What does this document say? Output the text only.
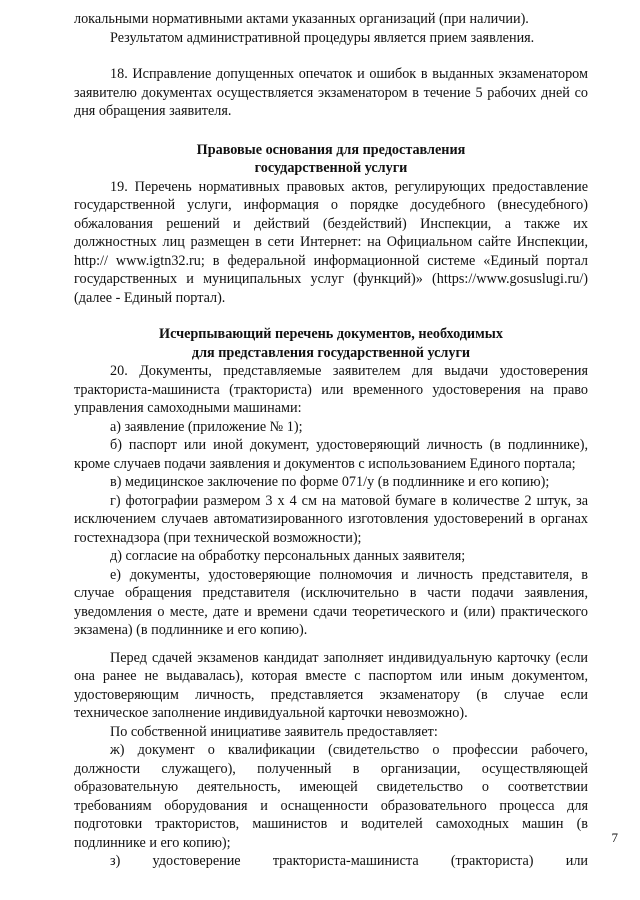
локальными нормативными актами указанных организаций (при наличии).

Результатом административной процедуры является прием заявления.

18. Исправление допущенных опечаток и ошибок в выданных экзаменатором заявителю документах осуществляется экзаменатором в течение 5 рабочих дней со дня обращения заявителя.

Правовые основания для предоставления

государственной услуги

19. Перечень нормативных правовых актов, регулирующих предоставление государственной услуги, информация о порядке досудебного (внесудебного) обжалования решений и действий (бездействий) Инспекции, а также их должностных лиц размещен в сети Интернет: на Официальном сайте Инспекции, http:// www.igtn32.ru; в федеральной информационной системе «Единый портал государственных и муниципальных услуг (функций)» (https://www.gosuslugi.ru/) (далее - Единый портал).

Исчерпывающий перечень документов, необходимых

для представления государственной услуги

20. Документы, представляемые заявителем для выдачи удостоверения тракториста-машиниста (тракториста) или временного удостоверения на право управления самоходными машинами:

а) заявление (приложение № 1);

б) паспорт или иной документ, удостоверяющий личность (в подлиннике), кроме случаев подачи заявления и документов с использованием Единого портала;

в) медицинское заключение по форме 071/у (в подлиннике и его копию);

г) фотографии размером 3 х 4 см на матовой бумаге в количестве 2 штук, за исключением случаев автоматизированного изготовления удостоверений в органах гостехнадзора (при технической возможности);

д) согласие на обработку персональных данных заявителя;

е) документы, удостоверяющие полномочия и личность представителя, в случае обращения представителя (исключительно в части подачи заявления, уведомления о месте, дате и времени сдачи теоретического и (или) практического экзамена) (в подлиннике и его копию).

Перед сдачей экзаменов кандидат заполняет индивидуальную карточку (если она ранее не выдавалась), которая вместе с паспортом или иным документом, удостоверяющим личность, представляется экзаменатору (в случае если техническое заполнение индивидуальной карточки невозможно).

По собственной инициативе заявитель предоставляет:

ж) документ о квалификации (свидетельство о профессии рабочего, должности служащего), полученный в организации, осуществляющей образовательную деятельность, имеющей свидетельство о соответствии требованиям оборудования и оснащенности образовательного процесса для подготовки трактористов, машинистов и водителей самоходных машин (в подлиннике и его копию);

з) удостоверение тракториста-машиниста (тракториста) или

7
